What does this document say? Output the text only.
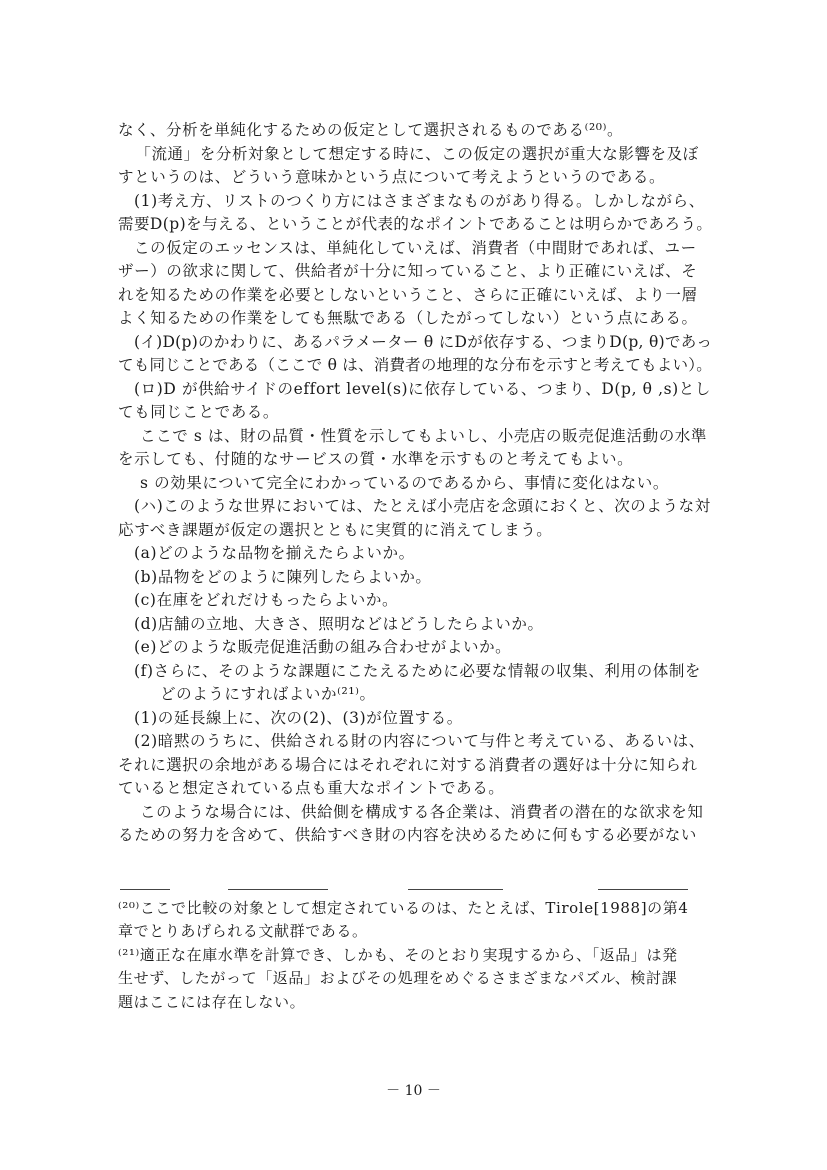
なく、分析を単純化するための仮定として選択されるものである⁽²⁰⁾。
　「流通」を分析対象として想定する時に、この仮定の選択が重大な影響を及ぼ
すというのは、どういう意味かという点について考えようというのである。
(1)考え方、リストのつくり方にはさまざまなものがあり得る。しかしながら、
需要D(p)を与える、ということが代表的なポイントであることは明らかであろう。
この仮定のエッセンスは、単純化していえば、消費者（中間財であれば、ユー
ザー）の欲求に関して、供給者が十分に知っていること、より正確にいえば、そ
れを知るための作業を必要としないということ、さらに正確にいえば、より一層
よく知るための作業をしても無駄である（したがってしない）という点にある。
(イ)D(p)のかわりに、あるパラメーター θ にDが依存する、つまりD(p, θ)であっ
ても同じことである（ここで θ は、消費者の地理的な分布を示すと考えてもよい）。
(ロ)D が供給サイドのeffort level(s)に依存している、つまり、D(p, θ ,s)とし
ても同じことである。
ここで s は、財の品質・性質を示してもよいし、小売店の販売促進活動の水準
を示しても、付随的なサービスの質・水準を示すものと考えてもよい。
s の効果について完全にわかっているのであるから、事情に変化はない。
(ハ)このような世界においては、たとえば小売店を念頭におくと、次のような対
応すべき課題が仮定の選択とともに実質的に消えてしまう。
(a)どのような品物を揃えたらよいか。
(b)品物をどのように陳列したらよいか。
(c)在庫をどれだけもったらよいか。
(d)店舗の立地、大きさ、照明などはどうしたらよいか。
(e)どのような販売促進活動の組み合わせがよいか。
(f)さらに、そのような課題にこたえるために必要な情報の収集、利用の体制を
どのようにすればよいか⁽²¹⁾。
(1)の延長線上に、次の(2)、(3)が位置する。
(2)暗黙のうちに、供給される財の内容について与件と考えている、あるいは、
それに選択の余地がある場合にはそれぞれに対する消費者の選好は十分に知られ
ていると想定されている点も重大なポイントである。
このような場合には、供給側を構成する各企業は、消費者の潜在的な欲求を知
るための努力を含めて、供給すべき財の内容を決めるために何もする必要がない
⁽²⁰⁾ここで比較の対象として想定されているのは、たとえば、Tirole[1988]の第4
章でとりあげられる文献群である。
⁽²¹⁾適正な在庫水準を計算でき、しかも、そのとおり実現するから、「返品」は発
生せず、したがって「返品」およびその処理をめぐるさまざまなパズル、検討課
題はここには存在しない。
－ 10 －
